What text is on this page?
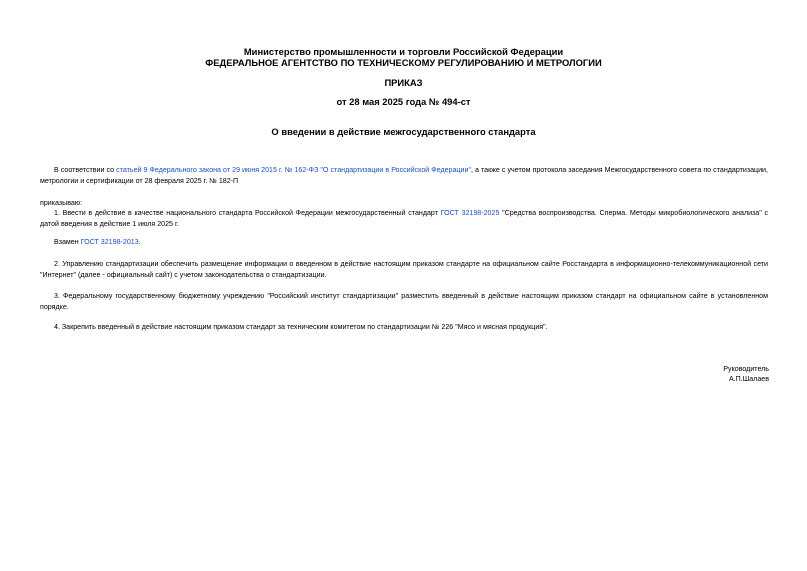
Министерство промышленности и торговли Российской Федерации
ФЕДЕРАЛЬНОЕ АГЕНТСТВО ПО ТЕХНИЧЕСКОМУ РЕГУЛИРОВАНИЮ И МЕТРОЛОГИИ
ПРИКАЗ
от 28 мая 2025 года № 494-ст
О введении в действие межгосударственного стандарта

В соответствии со статьей 9 Федерального закона от 29 июня 2015 г. № 162-ФЗ "О стандартизации в Российской Федерации", а также с учетом протокола заседания Межгосударственного совета по стандартизации, метрологии и сертификации от 28 февраля 2025 г. № 182-П

приказываю:

1. Ввести в действие в качестве национального стандарта Российской Федерации межгосударственный стандарт ГОСТ 32198-2025 "Средства воспроизводства. Сперма. Методы микробиологического анализа" с датой введения в действие 1 июля 2025 г.

Взамен ГОСТ 32198-2013.

2. Управлению стандартизации обеспечить размещение информации о введенном в действие настоящим приказом стандарте на официальном сайте Росстандарта в информационно-телекоммуникационной сети "Интернет" (далее - официальный сайт) с учетом законодательства о стандартизации.

3. Федеральному государственному бюджетному учреждению "Российский институт стандартизации" разместить введенный в действие настоящим приказом стандарт на официальном сайте в установленном порядке.

4. Закрепить введенный в действие настоящим приказом стандарт за техническим комитетом по стандартизации № 226 "Мясо и мясная продукция".

Руководитель
А.П.Шалаев
